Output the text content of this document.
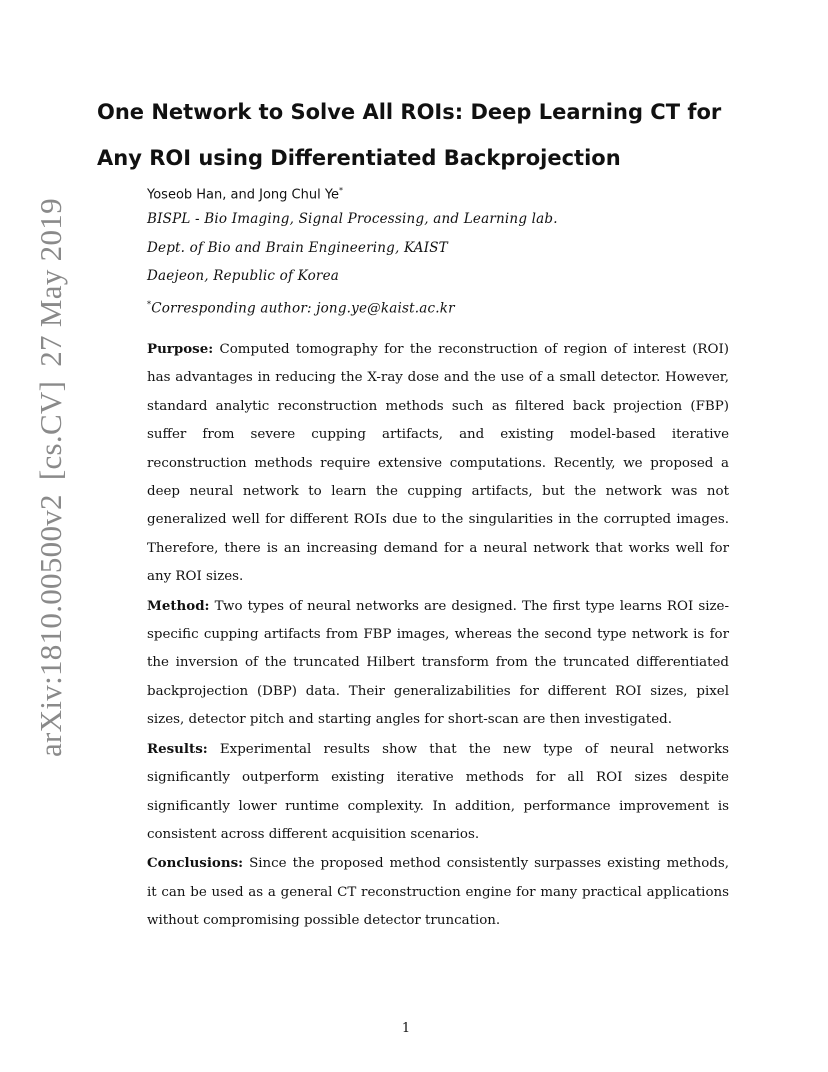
arXiv:1810.00500v2[cs.CV]27 May 2019
One Network to Solve All ROIs: Deep Learning CT for
Any ROI using Differentiated Backprojection
Yoseob Han, and Jong Chul Ye*
BISPL - Bio Imaging, Signal Processing, and Learning lab.
Dept. of Bio and Brain Engineering, KAIST
Daejeon, Republic of Korea
*Corresponding author: jong.ye@kaist.ac.kr

Purpose: Computed tomography for the reconstruction of region of interest (ROI) has advantages in reducing the X-ray dose and the use of a small detector. However, standard analytic reconstruction methods such as filtered back projection (FBP) suffer from severe cupping artifacts, and existing model-based iterative reconstruction methods require extensive computations. Recently, we proposed a deep neural network to learn the cupping artifacts, but the network was not generalized well for different ROIs due to the singularities in the corrupted images. Therefore, there is an increasing demand for a neural network that works well for any ROI sizes.

Method: Two types of neural networks are designed. The first type learns ROI size-specific cupping artifacts from FBP images, whereas the second type network is for the inversion of the truncated Hilbert transform from the truncated differentiated backprojection (DBP) data. Their generalizabilities for different ROI sizes, pixel sizes, detector pitch and starting angles for short-scan are then investigated.

Results: Experimental results show that the new type of neural networks significantly outperform existing iterative methods for all ROI sizes despite significantly lower runtime complexity. In addition, performance improvement is consistent across different acquisition scenarios.

Conclusions: Since the proposed method consistently surpasses existing methods, it can be used as a general CT reconstruction engine for many practical applications without compromising possible detector truncation.

1
